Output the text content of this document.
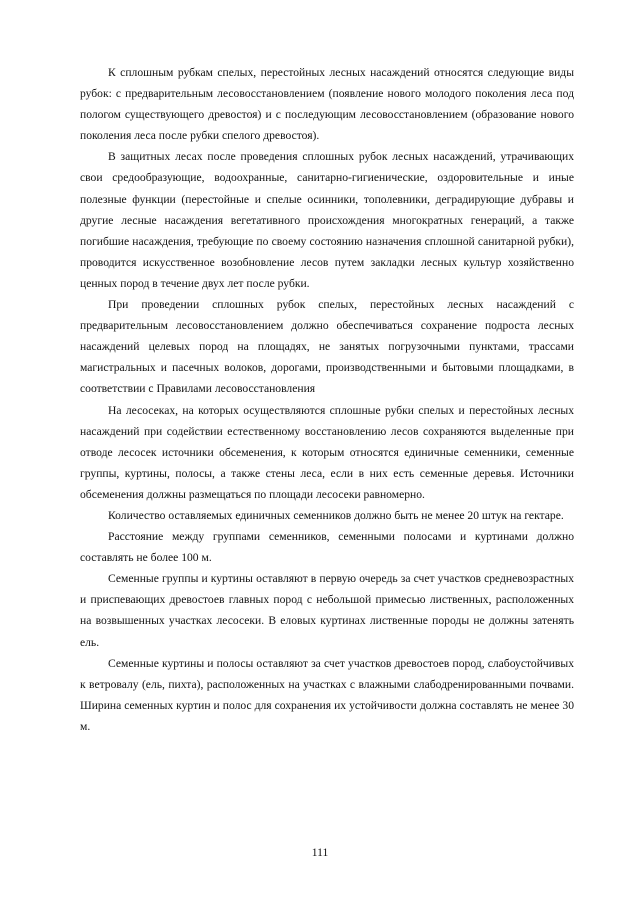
К сплошным рубкам спелых, перестойных лесных насаждений относятся следующие виды рубок: с предварительным лесовосстановлением (появление нового молодого поколения леса под пологом существующего древостоя) и с последующим лесовосстановлением (образование нового поколения леса после рубки спелого древостоя).

В защитных лесах после проведения сплошных рубок лесных насаждений, утрачивающих свои средообразующие, водоохранные, санитарно-гигиенические, оздоровительные и иные полезные функции (перестойные и спелые осинники, тополевники, деградирующие дубравы и другие лесные насаждения вегетативного происхождения многократных генераций, а также погибшие насаждения, требующие по своему состоянию назначения сплошной санитарной рубки), проводится искусственное возобновление лесов путем закладки лесных культур хозяйственно ценных пород в течение двух лет после рубки.

При проведении сплошных рубок спелых, перестойных лесных насаждений с предварительным лесовосстановлением должно обеспечиваться сохранение подроста лесных насаждений целевых пород на площадях, не занятых погрузочными пунктами, трассами магистральных и пасечных волоков, дорогами, производственными и бытовыми площадками, в соответствии с Правилами лесовосстановления

На лесосеках, на которых осуществляются сплошные рубки спелых и перестойных лесных насаждений при содействии естественному восстановлению лесов сохраняются выделенные при отводе лесосек источники обсеменения, к которым относятся единичные семенники, семенные группы, куртины, полосы, а также стены леса, если в них есть семенные деревья. Источники обсеменения должны размещаться по площади лесосеки равномерно.

Количество оставляемых единичных семенников должно быть не менее 20 штук на гектаре.

Расстояние между группами семенников, семенными полосами и куртинами должно составлять не более 100 м.

Семенные группы и куртины оставляют в первую очередь за счет участков средневозрастных и приспевающих древостоев главных пород с небольшой примесью лиственных, расположенных на возвышенных участках лесосеки. В еловых куртинах лиственные породы не должны затенять ель.

Семенные куртины и полосы оставляют за счет участков древостоев пород, слабоустойчивых к ветровалу (ель, пихта), расположенных на участках с влажными слабодренированными почвами. Ширина семенных куртин и полос для сохранения их устойчивости должна составлять не менее 30 м.

111
